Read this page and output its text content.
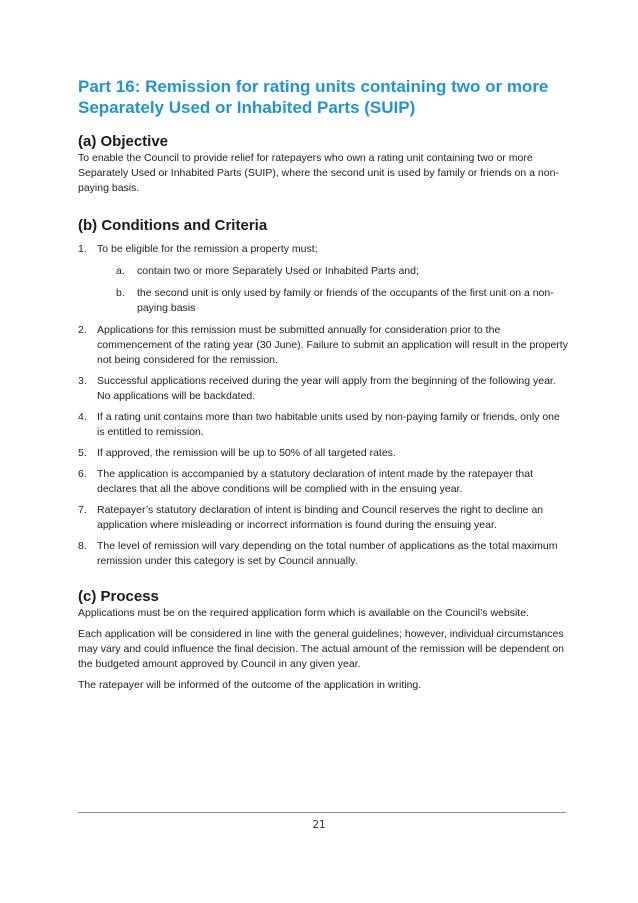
Part 16: Remission for rating units containing two or more
Separately Used or Inhabited Parts (SUIP)
(a) Objective

To enable the Council to provide relief for ratepayers who own a rating unit containing two or more Separately Used or Inhabited Parts (SUIP), where the second unit is used by family or friends on a non-paying basis.

(b) Conditions and Criteria
1. To be eligible for the remission a property must;
a. contain two or more Separately Used or Inhabited Parts and;
b. the second unit is only used by family or friends of the occupants of the first unit on a non-paying basis
2. Applications for this remission must be submitted annually for consideration prior to the commencement of the rating year (30 June). Failure to submit an application will result in the property not being considered for the remission.
3. Successful applications received during the year will apply from the beginning of the following year. No applications will be backdated.
4. If a rating unit contains more than two habitable units used by non-paying family or friends, only one is entitled to remission.
5. If approved, the remission will be up to 50% of all targeted rates.
6. The application is accompanied by a statutory declaration of intent made by the ratepayer that declares that all the above conditions will be complied with in the ensuing year.
7. Ratepayer’s statutory declaration of intent is binding and Council reserves the right to decline an application where misleading or incorrect information is found during the ensuing year.
8. The level of remission will vary depending on the total number of applications as the total maximum remission under this category is set by Council annually.
(c) Process

Applications must be on the required application form which is available on the Council’s website.

Each application will be considered in line with the general guidelines; however, individual circumstances may vary and could influence the final decision. The actual amount of the remission will be dependent on the budgeted amount approved by Council in any given year.

The ratepayer will be informed of the outcome of the application in writing.

21
